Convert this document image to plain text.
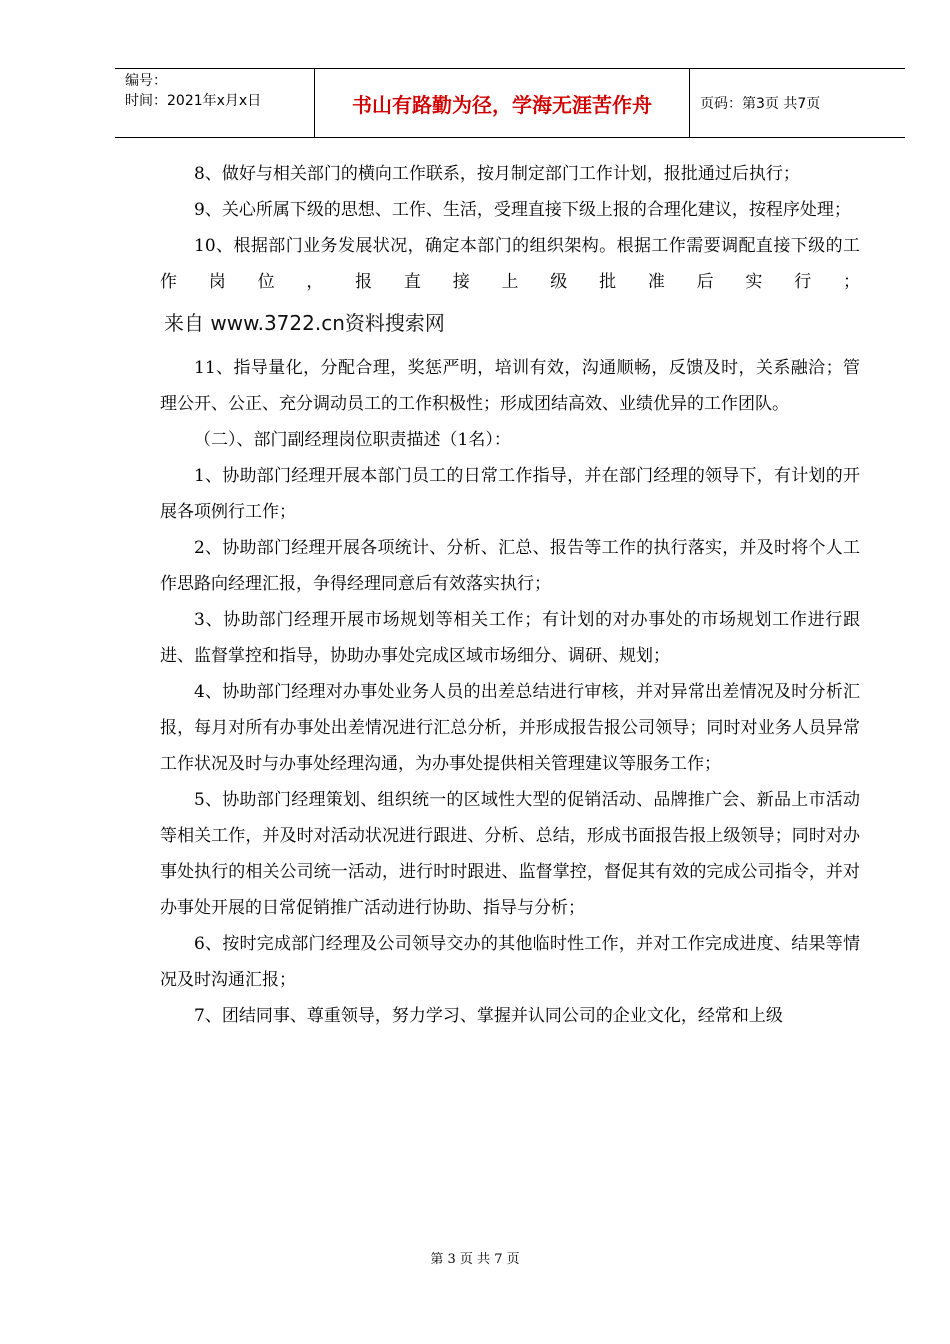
编号：
时间：2021年x月x日	书山有路勤为径，学海无涯苦作舟	页码：第3页 共7页

8、做好与相关部门的横向工作联系，按月制定部门工作计划，报批通过后执行；

9、关心所属下级的思想、工作、生活，受理直接下级上报的合理化建议，按程序处理；

10、根据部门业务发展状况，确定本部门的组织架构。根据工作需要调配直接下级的工作岗位，报直接上级批准后实行；

来自 www.3722.cn资料搜索网

11、指导量化，分配合理，奖惩严明，培训有效，沟通顺畅，反馈及时，关系融洽；管理公开、公正、充分调动员工的工作积极性；形成团结高效、业绩优异的工作团队。

（二）、部门副经理岗位职责描述（1名）：

1、协助部门经理开展本部门员工的日常工作指导，并在部门经理的领导下，有计划的开展各项例行工作；

2、协助部门经理开展各项统计、分析、汇总、报告等工作的执行落实，并及时将个人工作思路向经理汇报，争得经理同意后有效落实执行；

3、协助部门经理开展市场规划等相关工作；有计划的对办事处的市场规划工作进行跟进、监督掌控和指导，协助办事处完成区域市场细分、调研、规划；

4、协助部门经理对办事处业务人员的出差总结进行审核，并对异常出差情况及时分析汇报，每月对所有办事处出差情况进行汇总分析，并形成报告报公司领导；同时对业务人员异常工作状况及时与办事处经理沟通，为办事处提供相关管理建议等服务工作；

5、协助部门经理策划、组织统一的区域性大型的促销活动、品牌推广会、新品上市活动等相关工作，并及时对活动状况进行跟进、分析、总结，形成书面报告报上级领导；同时对办事处执行的相关公司统一活动，进行时时跟进、监督掌控，督促其有效的完成公司指令，并对办事处开展的日常促销推广活动进行协助、指导与分析；

6、按时完成部门经理及公司领导交办的其他临时性工作，并对工作完成进度、结果等情况及时沟通汇报；

7、团结同事、尊重领导，努力学习、掌握并认同公司的企业文化，经常和上级

第 3 页 共 7 页
